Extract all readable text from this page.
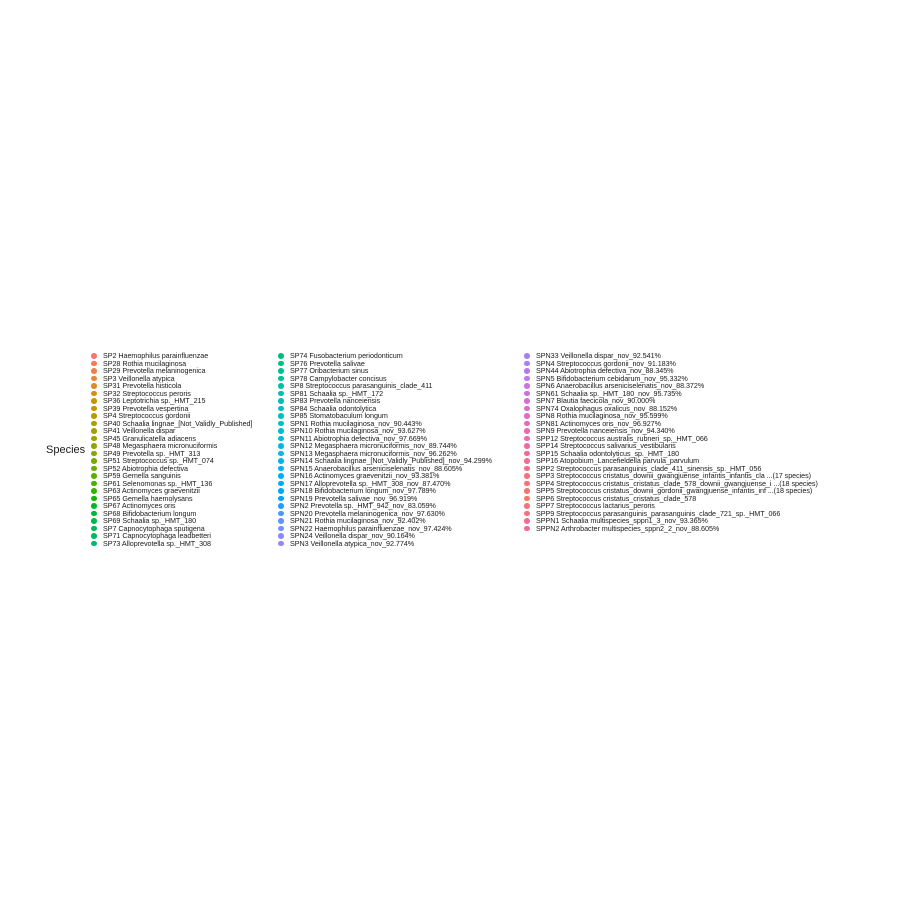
Species
SP2 Haemophilus parainfluenzae
SP28 Rothia mucilaginosa
SP29 Prevotella melaninogenica
SP3 Veillonella atypica
SP31 Prevotella histicola
SP32 Streptococcus peroris
SP36 Leptotrichia sp._HMT_215
SP39 Prevotella vespertina
SP4 Streptococcus gordonii
SP40 Schaalia lingnae_[Not_Validly_Published]
SP41 Veillonella dispar
SP45 Granulicatella adiacens
SP48 Megasphaera micronuciformis
SP49 Prevotella sp._HMT_313
SP51 Streptococcus sp._HMT_074
SP52 Abiotrophia defectiva
SP59 Gemella sanguinis
SP61 Selenomonas sp._HMT_136
SP63 Actinomyces graevenitzii
SP65 Gemella haemolysans
SP67 Actinomyces oris
SP68 Bifidobacterium longum
SP69 Schaalia sp._HMT_180
SP7 Capnocytophaga sputigena
SP71 Capnocytophaga leadbetteri
SP73 Alloprevotella sp._HMT_308
SP74 Fusobacterium periodonticum
SP76 Prevotella salivae
SP77 Oribacterium sinus
SP78 Campylobacter concisus
SP8 Streptococcus parasanguinis_clade_411
SP81 Schaalia sp._HMT_172
SP83 Prevotella nanceiensis
SP84 Schaalia odontolytica
SP85 Stomatobaculum longum
SPN1 Rothia mucilaginosa_nov_90.443%
SPN10 Rothia mucilaginosa_nov_93.627%
SPN11 Abiotrophia defectiva_nov_97.669%
SPN12 Megasphaera micronuciformis_nov_89.744%
SPN13 Megasphaera micronuciformis_nov_96.262%
SPN14 Schaalia lingnae_[Not_Validly_Published]_nov_94.299%
SPN15 Anaerobacillus arseniciselenatis_nov_88.605%
SPN16 Actinomyces graevenitzii_nov_93.381%
SPN17 Alloprevotella sp._HMT_308_nov_87.470%
SPN18 Bifidobacterium longum_nov_97.789%
SPN19 Prevotella salivae_nov_96.919%
SPN2 Prevotella sp._HMT_942_nov_83.059%
SPN20 Prevotella melaninogenica_nov_97.630%
SPN21 Rothia mucilaginosa_nov_92.402%
SPN22 Haemophilus parainfluenzae_nov_97.424%
SPN24 Veillonella dispar_nov_90.164%
SPN3 Veillonella atypica_nov_92.774%
SPN33 Veillonella dispar_nov_92.541%
SPN4 Streptococcus gordonii_nov_91.183%
SPN44 Abiotrophia defectiva_nov_88.345%
SPN5 Bifidobacterium cebidarum_nov_95.332%
SPN6 Anaerobacillus arseniciselenatis_nov_88.372%
SPN61 Schaalia sp._HMT_180_nov_95.735%
SPN7 Blautia faecicola_nov_90.000%
SPN74 Oxalophagus oxalicus_nov_88.152%
SPN8 Rothia mucilaginosa_nov_95.599%
SPN81 Actinomyces oris_nov_96.927%
SPN9 Prevotella nanceiensis_nov_94.340%
SPP12 Streptococcus australis_rubneri_sp._HMT_066
SPP14 Streptococcus salivarius_vestibularis
SPP15 Schaalia odontolyticus_sp._HMT_180
SPP16 Atopobium_Lancefieldella parvula_parvulum
SPP2 Streptococcus parasanguinis_clade_411_sinensis_sp._HMT_056
SPP3 Streptococcus cristatus_downii_gwangjuense_infantis_infantis_cla ...(17 species)
SPP4 Streptococcus cristatus_cristatus_clade_578_downii_gwangjuense_i ...(18 species)
SPP5 Streptococcus cristatus_downii_gordonii_gwangjuense_infantis_inf ...(18 species)
SPP6 Streptococcus cristatus_cristatus_clade_578
SPP7 Streptococcus lactarius_peroris
SPP9 Streptococcus parasanguinis_parasanguinis_clade_721_sp._HMT_066
SPPN1 Schaalia multispecies_sppn1_3_nov_93.365%
SPPN2 Arthrobacter multispecies_sppn2_2_nov_88.605%
